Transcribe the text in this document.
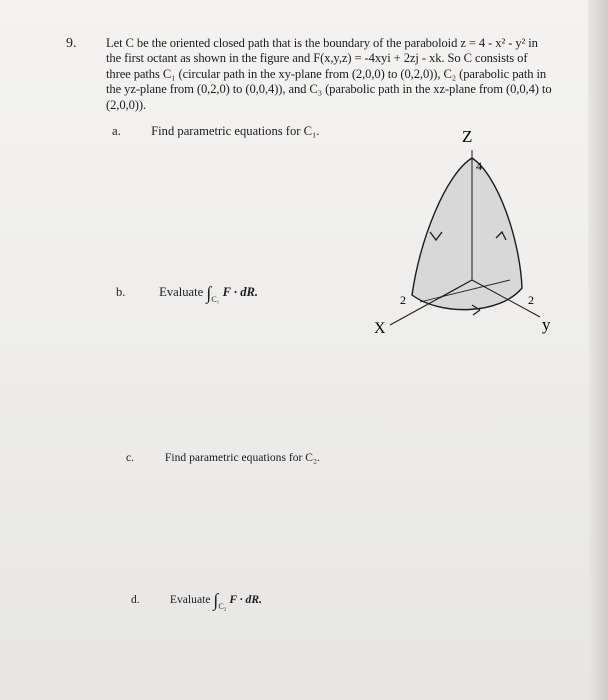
9. Let C be the oriented closed path that is the boundary of the paraboloid z = 4 - x² - y² in
the first octant as shown in the figure and F(x,y,z) = -4xyi + 2zj - xk. So C consists of
three paths C₁ (circular path in the xy-plane from (2,0,0) to (0,2,0)), C₂ (parabolic path in
the yz-plane from (0,2,0) to (0,0,4)), and C₃ (parabolic path in the xz-plane from (0,0,4) to
(2,0,0)).
a. Find parametric equations for C₁.
b.	Evaluate $\int_{C_1}$ F · dR.
c.	Find parametric equations for C₂.
d.	Evaluate $\int_{C_2}$ F · dR.
Z
4
2	2
X	y
